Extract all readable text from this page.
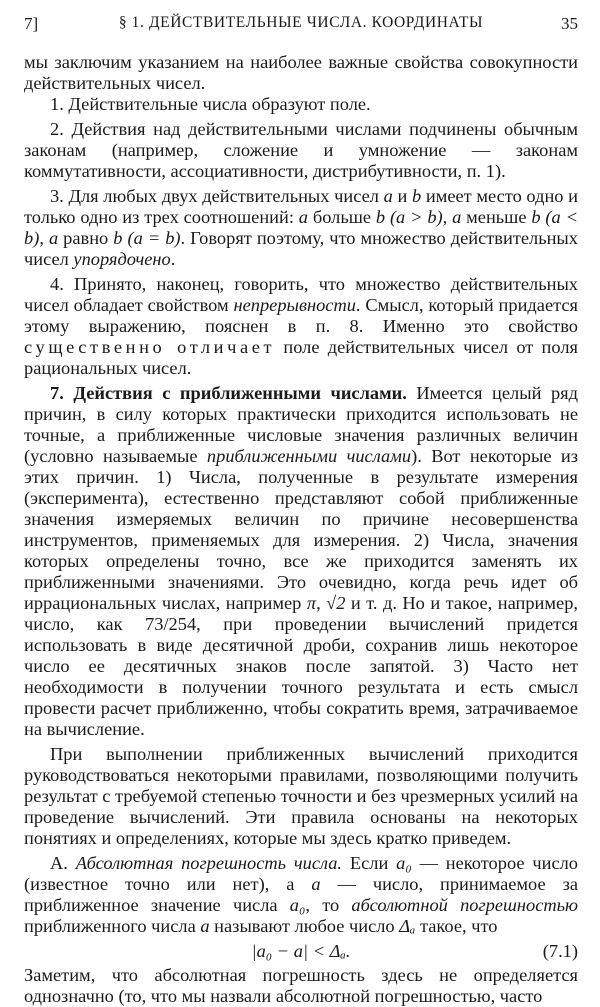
7]	§ 1. ДЕЙСТВИТЕЛЬНЫЕ ЧИСЛА. КООРДИНАТЫ	35

мы заключим указанием на наиболее важные свойства совокупности действительных чисел.

1. Действительные числа образуют поле.

2. Действия над действительными числами подчинены обычным законам (например, сложение и умножение — законам коммутативности, ассоциативности, дистрибутивности, п. 1).

3. Для любых двух действительных чисел a и b имеет место одно и только одно из трех соотношений: a больше b (a > b), a меньше b (a < b), a равно b (a = b). Говорят поэтому, что множество действительных чисел упорядочено.

4. Принято, наконец, говорить, что множество действительных чисел обладает свойством непрерывности. Смысл, который придается этому выражению, пояснен в п. 8. Именно это свойство существенно отличает поле действительных чисел от поля рациональных чисел.

7. Действия с приближенными числами. Имеется целый ряд причин, в силу которых практически приходится использовать не точные, а приближенные числовые значения различных величин (условно называемые приближенными числами). Вот некоторые из этих причин. 1) Числа, полученные в результате измерения (эксперимента), естественно представляют собой приближенные значения измеряемых величин по причине несовершенства инструментов, применяемых для измерения. 2) Числа, значения которых определены точно, все же приходится заменять их приближенными значениями. Это очевидно, когда речь идет об иррациональных числах, например π, √2 и т. д. Но и такое, например, число, как 73/254, при проведении вычислений придется использовать в виде десятичной дроби, сохранив лишь некоторое число ее десятичных знаков после запятой. 3) Часто нет необходимости в получении точного результата и есть смысл провести расчет приближенно, чтобы сократить время, затрачиваемое на вычисление.

При выполнении приближенных вычислений приходится руководствоваться некоторыми правилами, позволяющими получить результат с требуемой степенью точности и без чрезмерных усилий на проведение вычислений. Эти правила основаны на некоторых понятиях и определениях, которые мы здесь кратко приведем.

А. Абсолютная погрешность числа. Если a₀ — некоторое число (известное точно или нет), а a — число, принимаемое за приближенное значение числа a₀, то абсолютной погрешностью приближенного числа a называют любое число Δₐ такое, что

|a₀ − a| < Δₐ.	(7.1)

Заметим, что абсолютная погрешность здесь не определяется однозначно (то, что мы назвали абсолютной погрешностью, часто
